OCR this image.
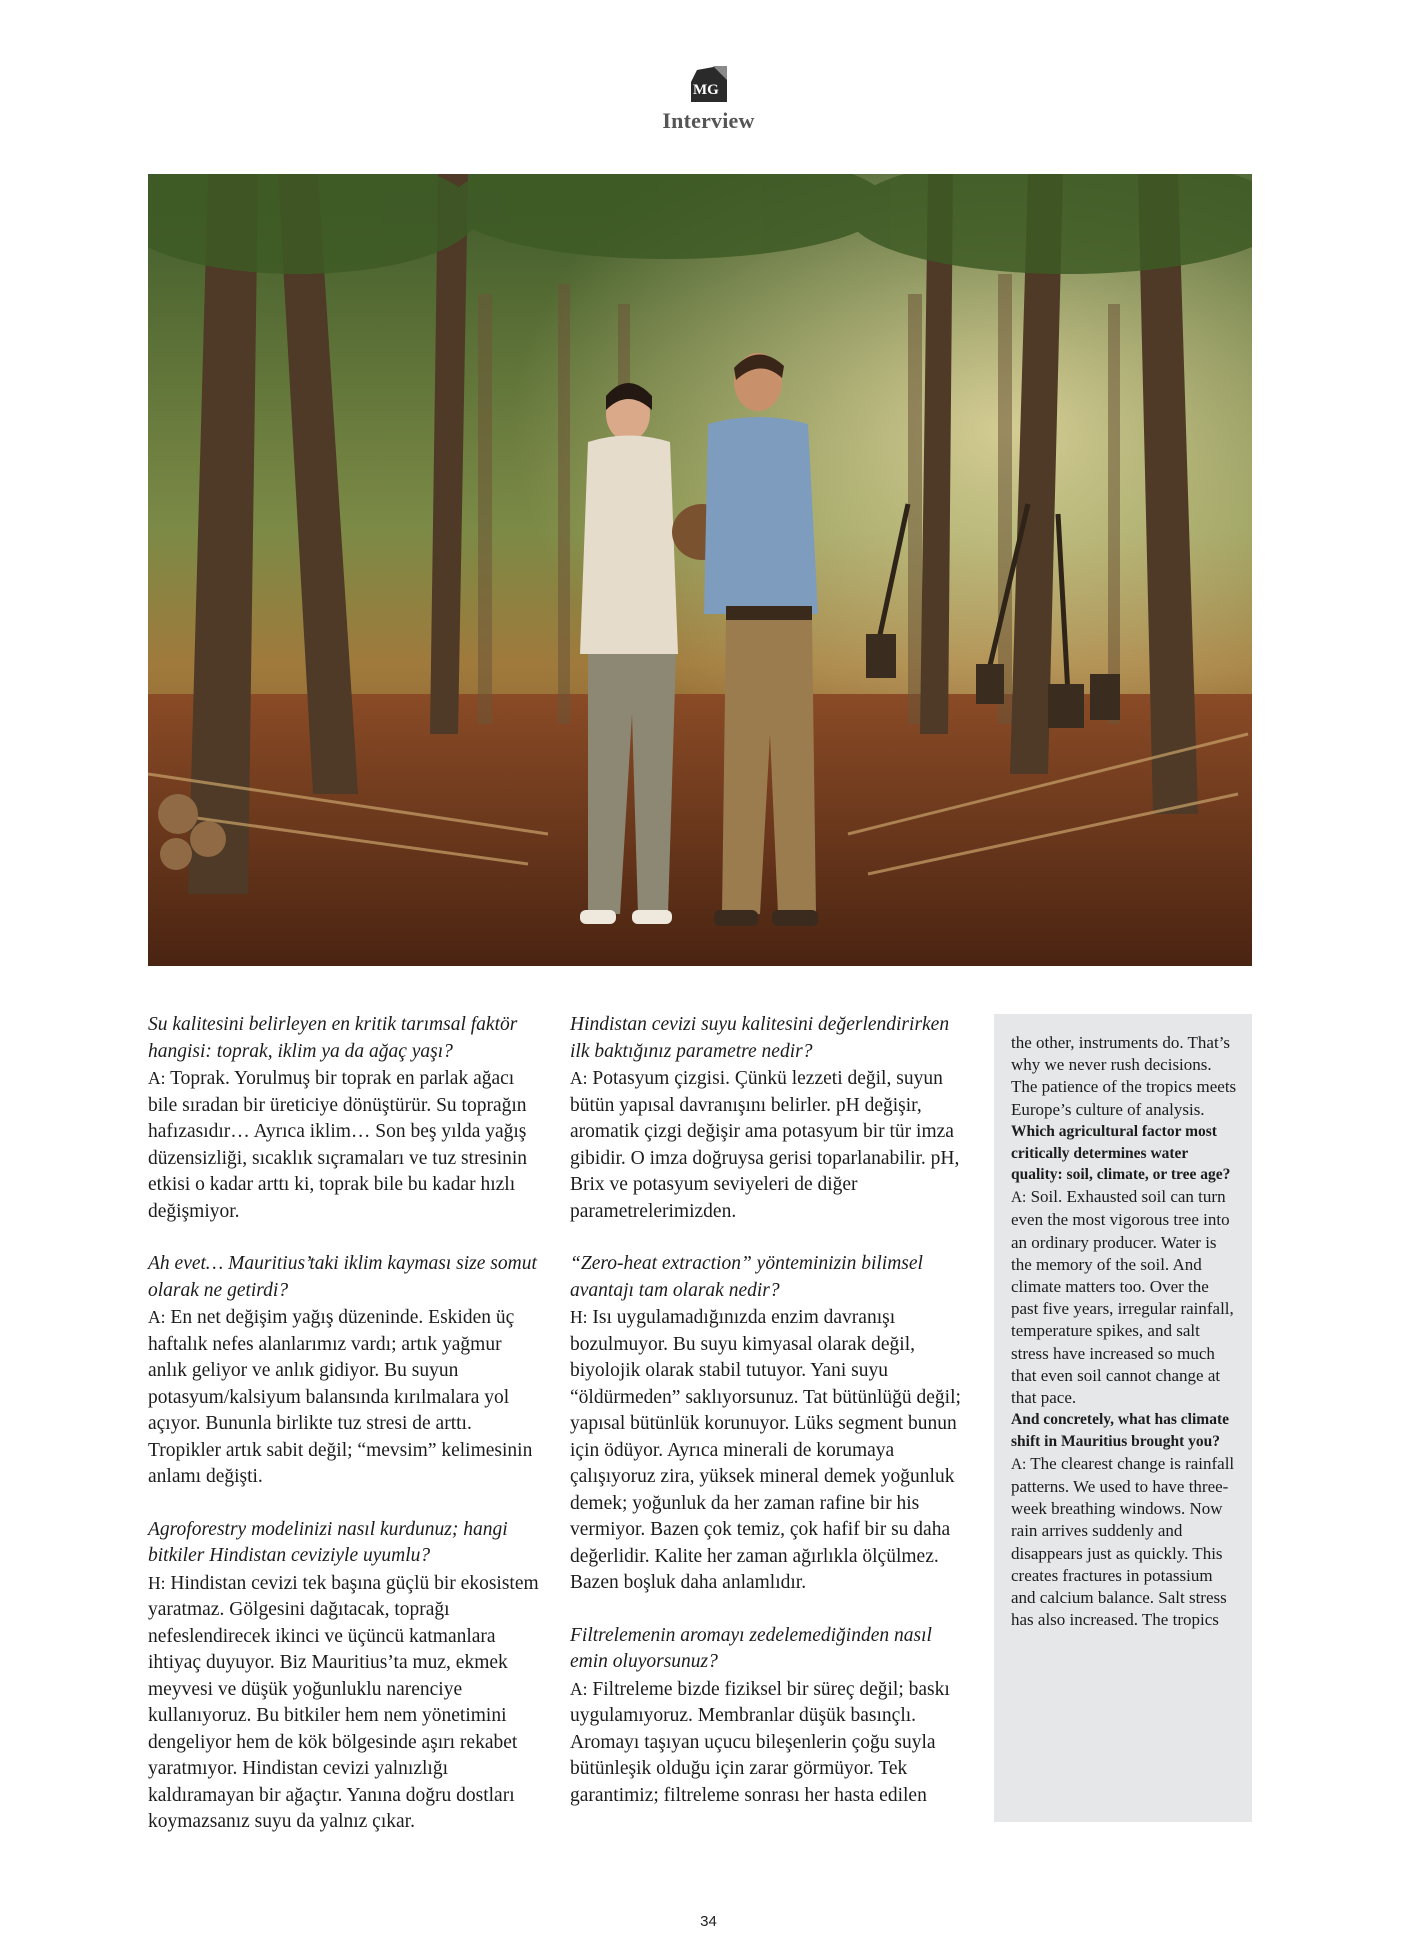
MG
Interview
Su kalitesini belirleyen en kritik tarımsal faktör hangisi: toprak, iklim ya da ağaç yaşı?
A: Toprak. Yorulmuş bir toprak en parlak ağacı bile sıradan bir üreticiye dönüştürür. Su toprağın hafızasıdır… Ayrıca iklim… Son beş yılda yağış düzensizliği, sıcaklık sıçramaları ve tuz stresinin etkisi o kadar arttı ki, toprak bile bu kadar hızlı değişmiyor.
Ah evet… Mauritius’taki iklim kayması size somut olarak ne getirdi?
A: En net değişim yağış düzeninde. Eskiden üç haftalık nefes alanlarımız vardı; artık yağmur anlık geliyor ve anlık gidiyor. Bu suyun potasyum/kalsiyum balansında kırılmalara yol açıyor. Bununla birlikte tuz stresi de arttı. Tropikler artık sabit değil; “mevsim” kelimesinin anlamı değişti.
Agroforestry modelinizi nasıl kurdunuz; hangi bitkiler Hindistan ceviziyle uyumlu?
H: Hindistan cevizi tek başına güçlü bir ekosistem yaratmaz. Gölgesini dağıtacak, toprağı nefeslendirecek ikinci ve üçüncü katmanlara ihtiyaç duyuyor. Biz Mauritius’ta muz, ekmek meyvesi ve düşük yoğunluklu narenciye kullanıyoruz. Bu bitkiler hem nem yönetimini dengeliyor hem de kök bölgesinde aşırı rekabet yaratmıyor. Hindistan cevizi yalnızlığı kaldıramayan bir ağaçtır. Yanına doğru dostları koymazsanız suyu da yalnız çıkar.
Hindistan cevizi suyu kalitesini değerlendirirken ilk baktığınız parametre nedir?
A: Potasyum çizgisi. Çünkü lezzeti değil, suyun bütün yapısal davranışını belirler. pH değişir, aromatik çizgi değişir ama potasyum bir tür imza gibidir. O imza doğruysa gerisi toparlanabilir. pH, Brix ve potasyum seviyeleri de diğer parametrelerimizden.
“Zero-heat extraction” yönteminizin bilimsel avantajı tam olarak nedir?
H: Isı uygulamadığınızda enzim davranışı bozulmuyor. Bu suyu kimyasal olarak değil, biyolojik olarak stabil tutuyor. Yani suyu “öldürmeden” saklıyorsunuz. Tat bütünlüğü değil; yapısal bütünlük korunuyor. Lüks segment bunun için ödüyor. Ayrıca minerali de korumaya çalışıyoruz zira, yüksek mineral demek yoğunluk demek; yoğunluk da her zaman rafine bir his vermiyor. Bazen çok temiz, çok hafif bir su daha değerlidir. Kalite her zaman ağırlıkla ölçülmez. Bazen boşluk daha anlamlıdır.
Filtrelemenin aromayı zedelemediğinden nasıl emin oluyorsunuz?
A: Filtreleme bizde fiziksel bir süreç değil; baskı uygulamıyoruz. Membranlar düşük basınçlı. Aromayı taşıyan uçucu bileşenlerin çoğu suyla bütünleşik olduğu için zarar görmüyor. Tek garantimiz; filtreleme sonrası her hasta edilen
the other, instruments do. That’s why we never rush decisions. The patience of the tropics meets Europe’s culture of analysis.
Which agricultural factor most critically determines water quality: soil, climate, or tree age?
A: Soil. Exhausted soil can turn even the most vigorous tree into an ordinary producer. Water is the memory of the soil. And climate matters too. Over the past five years, irregular rainfall, temperature spikes, and salt stress have increased so much that even soil cannot change at that pace.
And concretely, what has climate shift in Mauritius brought you?
A: The clearest change is rainfall patterns. We used to have three-week breathing windows. Now rain arrives suddenly and disappears just as quickly. This creates fractures in potassium and calcium balance. Salt stress has also increased. The tropics
34
